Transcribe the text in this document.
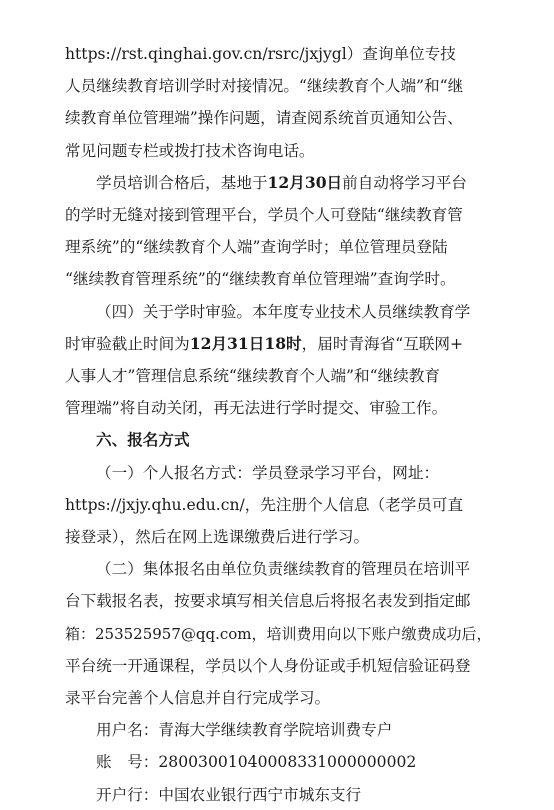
https://rst.qinghai.gov.cn/rsrc/jxjygl）查询单位专技
人员继续教育培训学时对接情况。“继续教育个人端”和“继
续教育单位管理端”操作问题，请查阅系统首页通知公告、
常见问题专栏或拨打技术咨询电话。
学员培训合格后，基地于12月30日前自动将学习平台
的学时无缝对接到管理平台，学员个人可登陆“继续教育管
理系统”的“继续教育个人端”查询学时；单位管理员登陆
“继续教育管理系统”的“继续教育单位管理端”查询学时。
（四）关于学时审验。本年度专业技术人员继续教育学
时审验截止时间为12月31日18时，届时青海省“互联网+
人事人才”管理信息系统“继续教育个人端”和“继续教育
管理端”将自动关闭，再无法进行学时提交、审验工作。
六、报名方式
（一）个人报名方式：学员登录学习平台，网址：
https://jxjy.qhu.edu.cn/，先注册个人信息（老学员可直
接登录），然后在网上选课缴费后进行学习。
（二）集体报名由单位负责继续教育的管理员在培训平
台下载报名表，按要求填写相关信息后将报名表发到指定邮
箱：253525957@qq.com，培训费用向以下账户缴费成功后，
平台统一开通课程，学员以个人身份证或手机短信验证码登
录平台完善个人信息并自行完成学习。
用户名：青海大学继续教育学院培训费专户
账　号：28003001040008331000000002
开户行：中国农业银行西宁市城东支行
